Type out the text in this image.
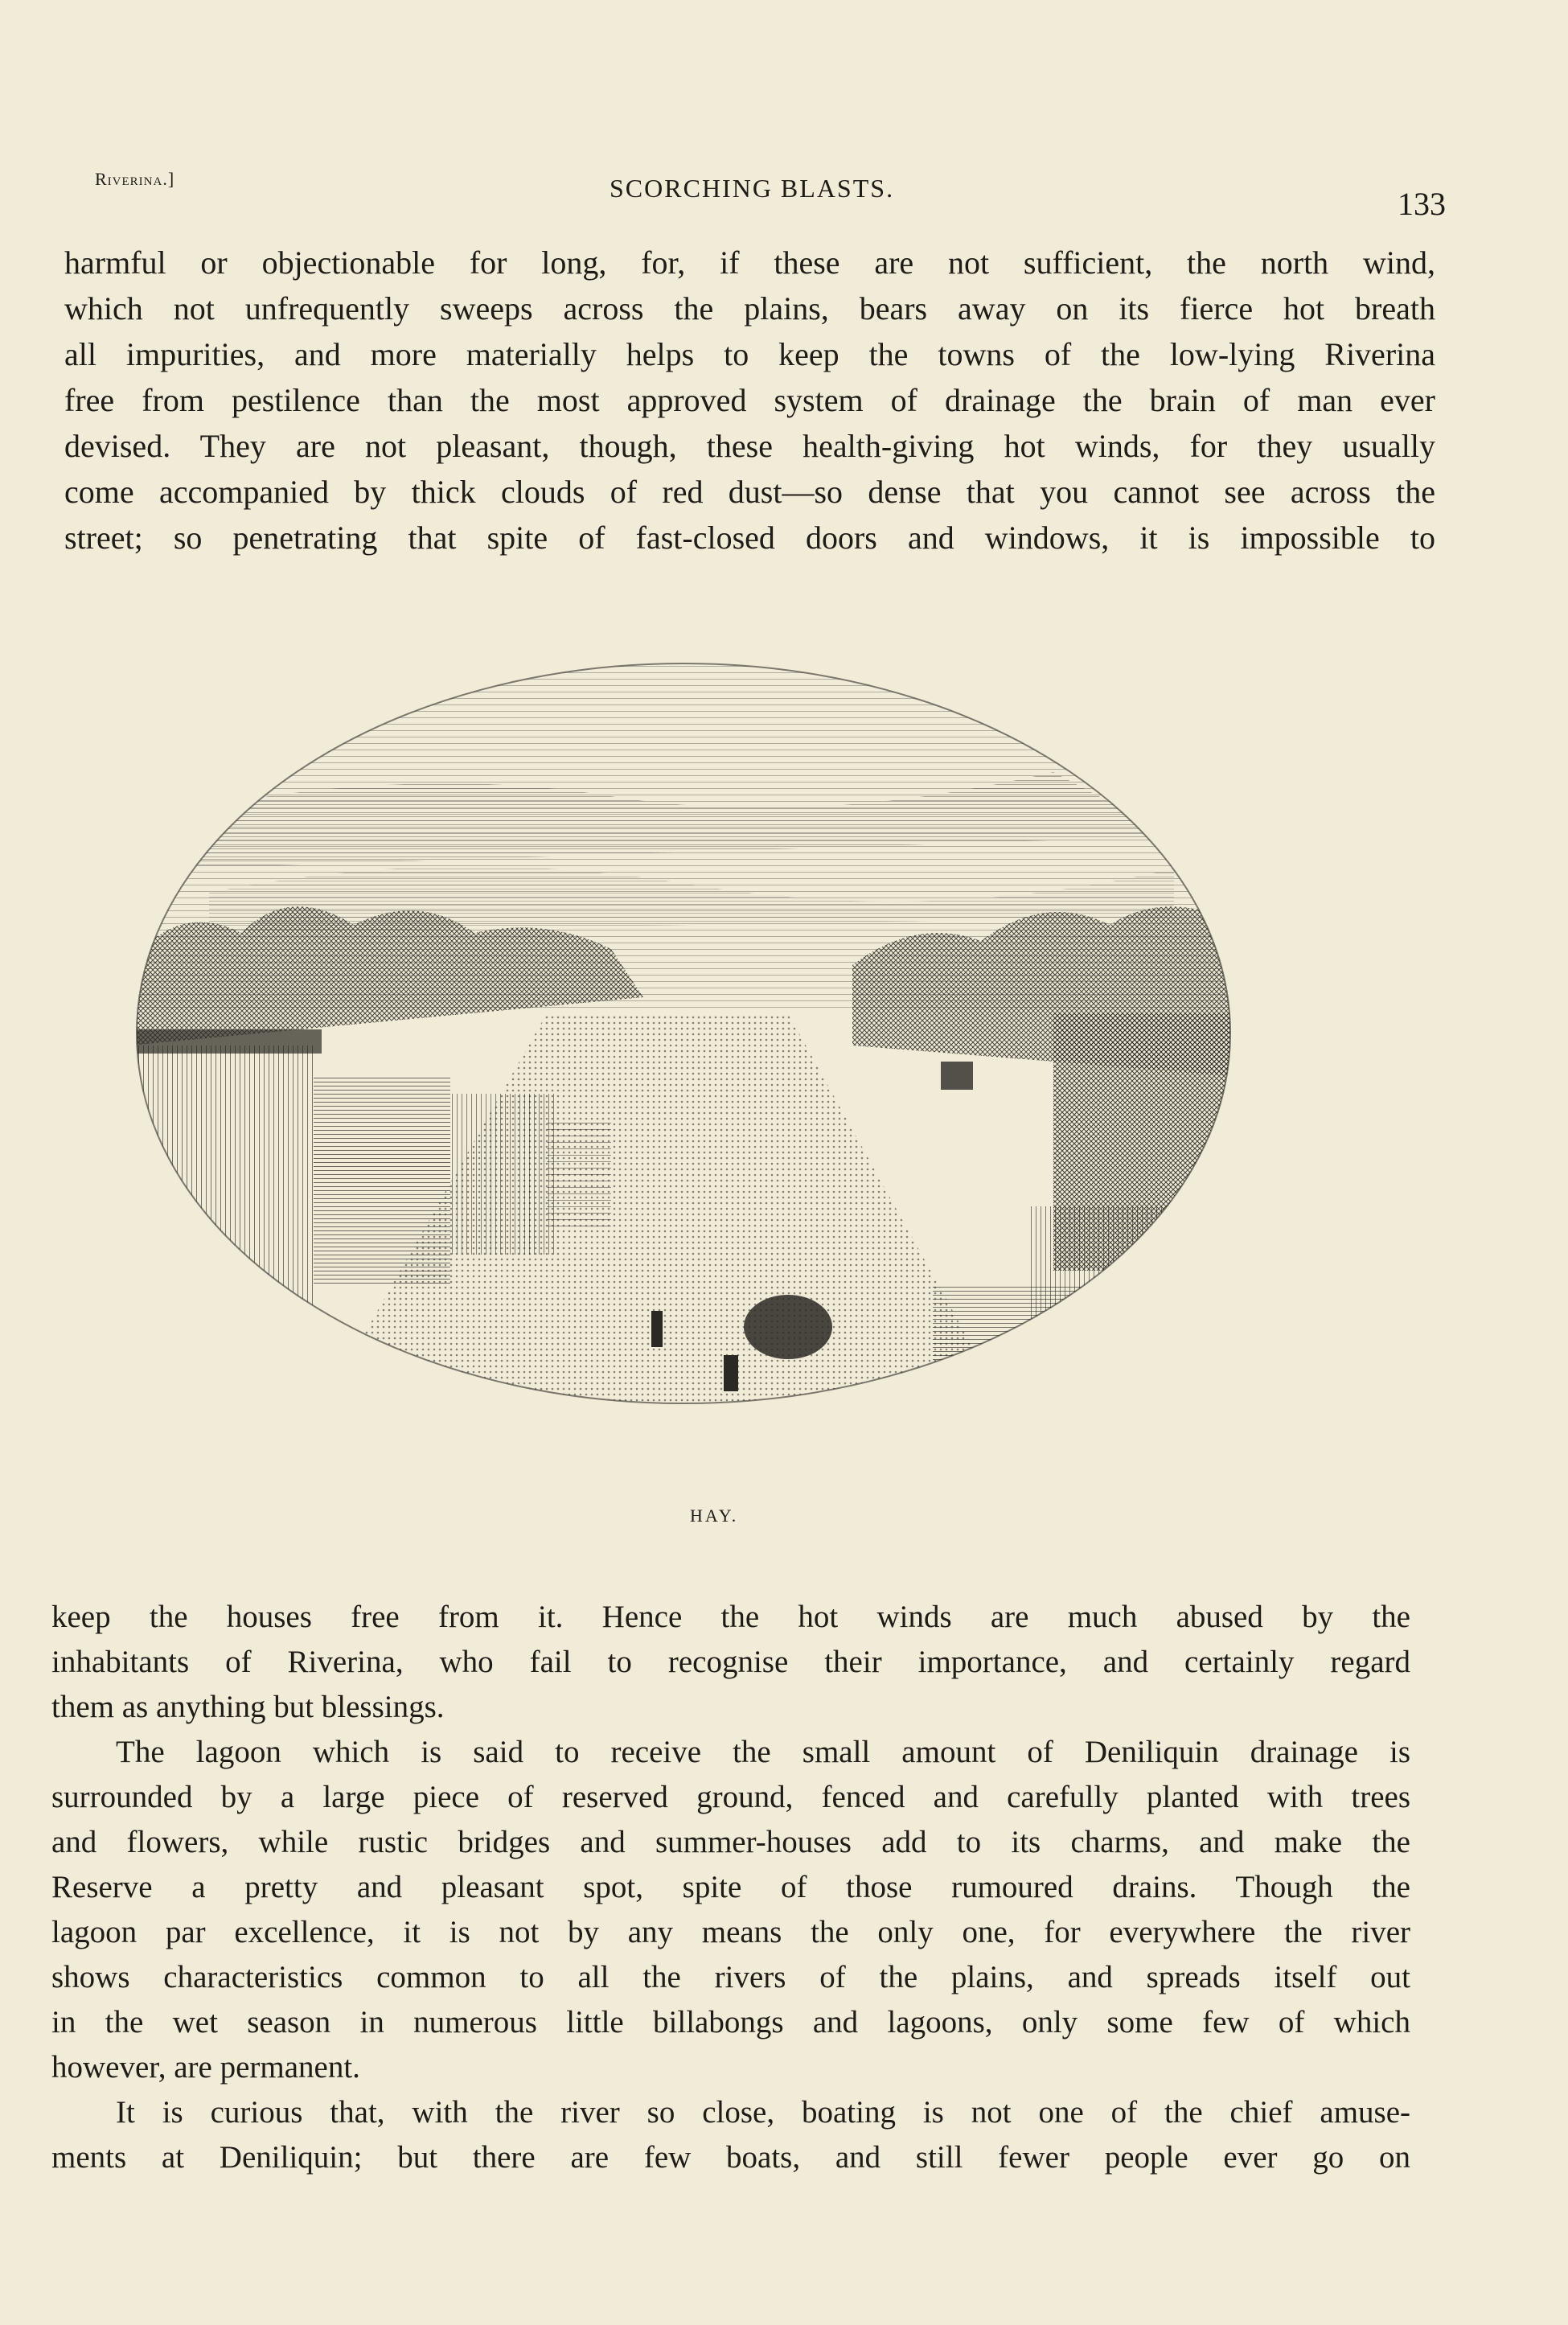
Riverina.]	SCORCHING BLASTS.	133
harmful or objectionable for long, for, if these are not sufficient, the north wind,
which not unfrequently sweeps across the plains, bears away on its fierce hot breath
all impurities, and more materially helps to keep the towns of the low-lying Riverina
free from pestilence than the most approved system of drainage the brain of man ever
devised. They are not pleasant, though, these health-giving hot winds, for they usually
come accompanied by thick clouds of red dust—so dense that you cannot see across the
street; so penetrating that spite of fast-closed doors and windows, it is impossible to
HAY.
keep the houses free from it. Hence the hot winds are much abused by the
inhabitants of Riverina, who fail to recognise their importance, and certainly regard
them as anything but blessings.
The lagoon which is said to receive the small amount of Deniliquin drainage is
surrounded by a large piece of reserved ground, fenced and carefully planted with trees
and flowers, while rustic bridges and summer-houses add to its charms, and make the
Reserve a pretty and pleasant spot, spite of those rumoured drains. Though the
lagoon par excellence, it is not by any means the only one, for everywhere the river
shows characteristics common to all the rivers of the plains, and spreads itself out
in the wet season in numerous little billabongs and lagoons, only some few of which
however, are permanent.
It is curious that, with the river so close, boating is not one of the chief amuse-
ments at Deniliquin; but there are few boats, and still fewer people ever go on
